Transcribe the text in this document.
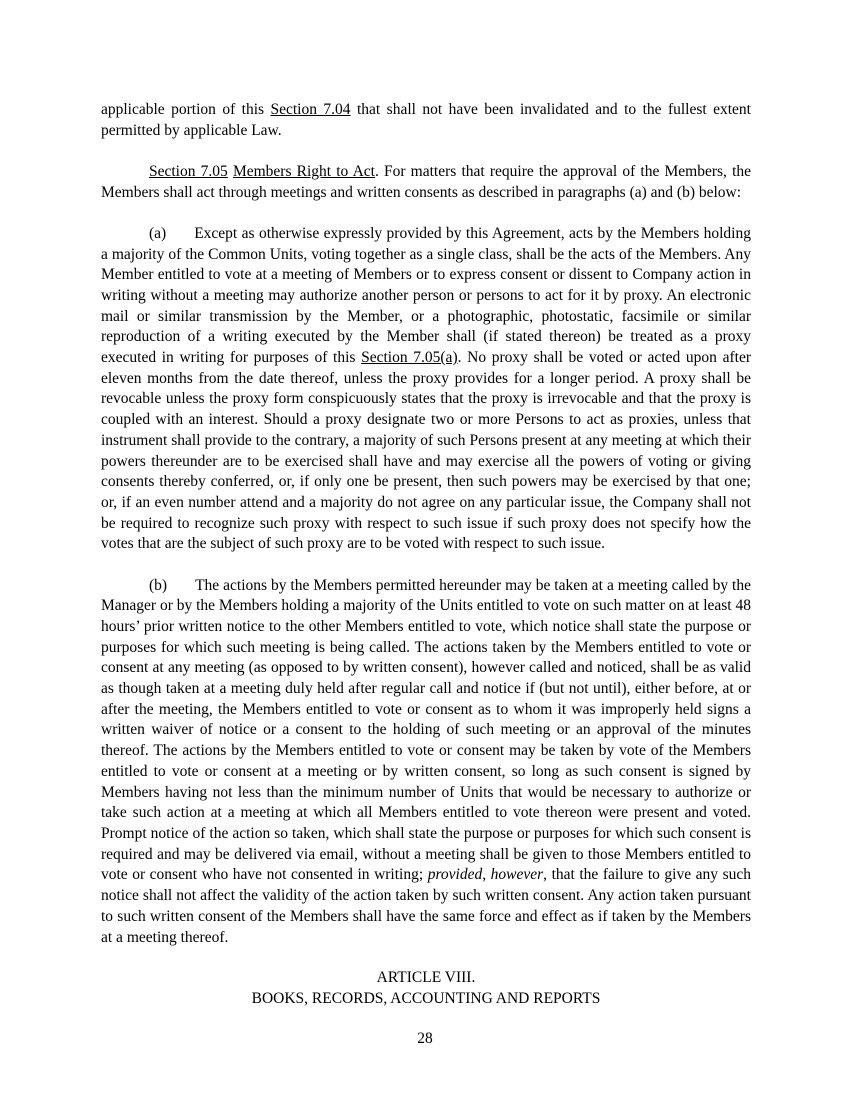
applicable portion of this Section 7.04 that shall not have been invalidated and to the fullest extent permitted by applicable Law.

Section 7.05 Members Right to Act. For matters that require the approval of the Members, the Members shall act through meetings and written consents as described in paragraphs (a) and (b) below:

(a) Except as otherwise expressly provided by this Agreement, acts by the Members holding a majority of the Common Units, voting together as a single class, shall be the acts of the Members. Any Member entitled to vote at a meeting of Members or to express consent or dissent to Company action in writing without a meeting may authorize another person or persons to act for it by proxy. An electronic mail or similar transmission by the Member, or a photographic, photostatic, facsimile or similar reproduction of a writing executed by the Member shall (if stated thereon) be treated as a proxy executed in writing for purposes of this Section 7.05(a). No proxy shall be voted or acted upon after eleven months from the date thereof, unless the proxy provides for a longer period. A proxy shall be revocable unless the proxy form conspicuously states that the proxy is irrevocable and that the proxy is coupled with an interest. Should a proxy designate two or more Persons to act as proxies, unless that instrument shall provide to the contrary, a majority of such Persons present at any meeting at which their powers thereunder are to be exercised shall have and may exercise all the powers of voting or giving consents thereby conferred, or, if only one be present, then such powers may be exercised by that one; or, if an even number attend and a majority do not agree on any particular issue, the Company shall not be required to recognize such proxy with respect to such issue if such proxy does not specify how the votes that are the subject of such proxy are to be voted with respect to such issue.

(b) The actions by the Members permitted hereunder may be taken at a meeting called by the Manager or by the Members holding a majority of the Units entitled to vote on such matter on at least 48 hours’ prior written notice to the other Members entitled to vote, which notice shall state the purpose or purposes for which such meeting is being called. The actions taken by the Members entitled to vote or consent at any meeting (as opposed to by written consent), however called and noticed, shall be as valid as though taken at a meeting duly held after regular call and notice if (but not until), either before, at or after the meeting, the Members entitled to vote or consent as to whom it was improperly held signs a written waiver of notice or a consent to the holding of such meeting or an approval of the minutes thereof. The actions by the Members entitled to vote or consent may be taken by vote of the Members entitled to vote or consent at a meeting or by written consent, so long as such consent is signed by Members having not less than the minimum number of Units that would be necessary to authorize or take such action at a meeting at which all Members entitled to vote thereon were present and voted. Prompt notice of the action so taken, which shall state the purpose or purposes for which such consent is required and may be delivered via email, without a meeting shall be given to those Members entitled to vote or consent who have not consented in writing; provided, however, that the failure to give any such notice shall not affect the validity of the action taken by such written consent. Any action taken pursuant to such written consent of the Members shall have the same force and effect as if taken by the Members at a meeting thereof.

ARTICLE VIII.
BOOKS, RECORDS, ACCOUNTING AND REPORTS
28
